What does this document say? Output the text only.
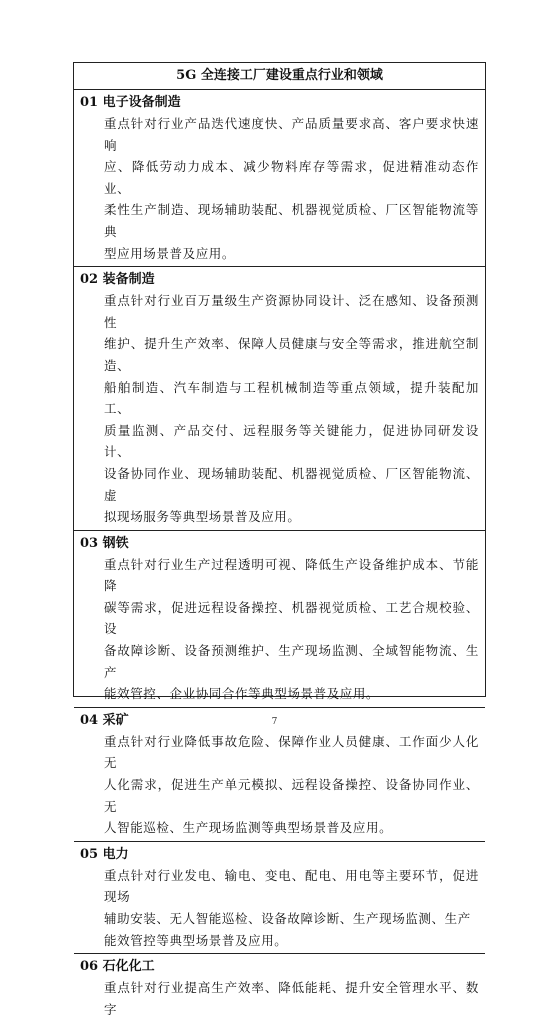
5G 全连接工厂建设重点行业和领域
01 电子设备制造
重点针对行业产品迭代速度快、产品质量要求高、客户要求快速响
应、降低劳动力成本、减少物料库存等需求，促进精准动态作业、
柔性生产制造、现场辅助装配、机器视觉质检、厂区智能物流等典
型应用场景普及应用。
02 装备制造
重点针对行业百万量级生产资源协同设计、泛在感知、设备预测性
维护、提升生产效率、保障人员健康与安全等需求，推进航空制造、
船舶制造、汽车制造与工程机械制造等重点领域，提升装配加工、
质量监测、产品交付、远程服务等关键能力，促进协同研发设计、
设备协同作业、现场辅助装配、机器视觉质检、厂区智能物流、虚
拟现场服务等典型场景普及应用。
03 钢铁
重点针对行业生产过程透明可视、降低生产设备维护成本、节能降
碳等需求，促进远程设备操控、机器视觉质检、工艺合规校验、设
备故障诊断、设备预测维护、生产现场监测、全域智能物流、生产
能效管控、企业协同合作等典型场景普及应用。
04 采矿
重点针对行业降低事故危险、保障作业人员健康、工作面少人化无
人化需求，促进生产单元模拟、远程设备操控、设备协同作业、无
人智能巡检、生产现场监测等典型场景普及应用。
05 电力
重点针对行业发电、输电、变电、配电、用电等主要环节，促进现场
辅助安装、无人智能巡检、设备故障诊断、生产现场监测、生产
能效管控等典型场景普及应用。
06 石化化工
重点针对行业提高生产效率、降低能耗、提升安全管理水平、数字
7
